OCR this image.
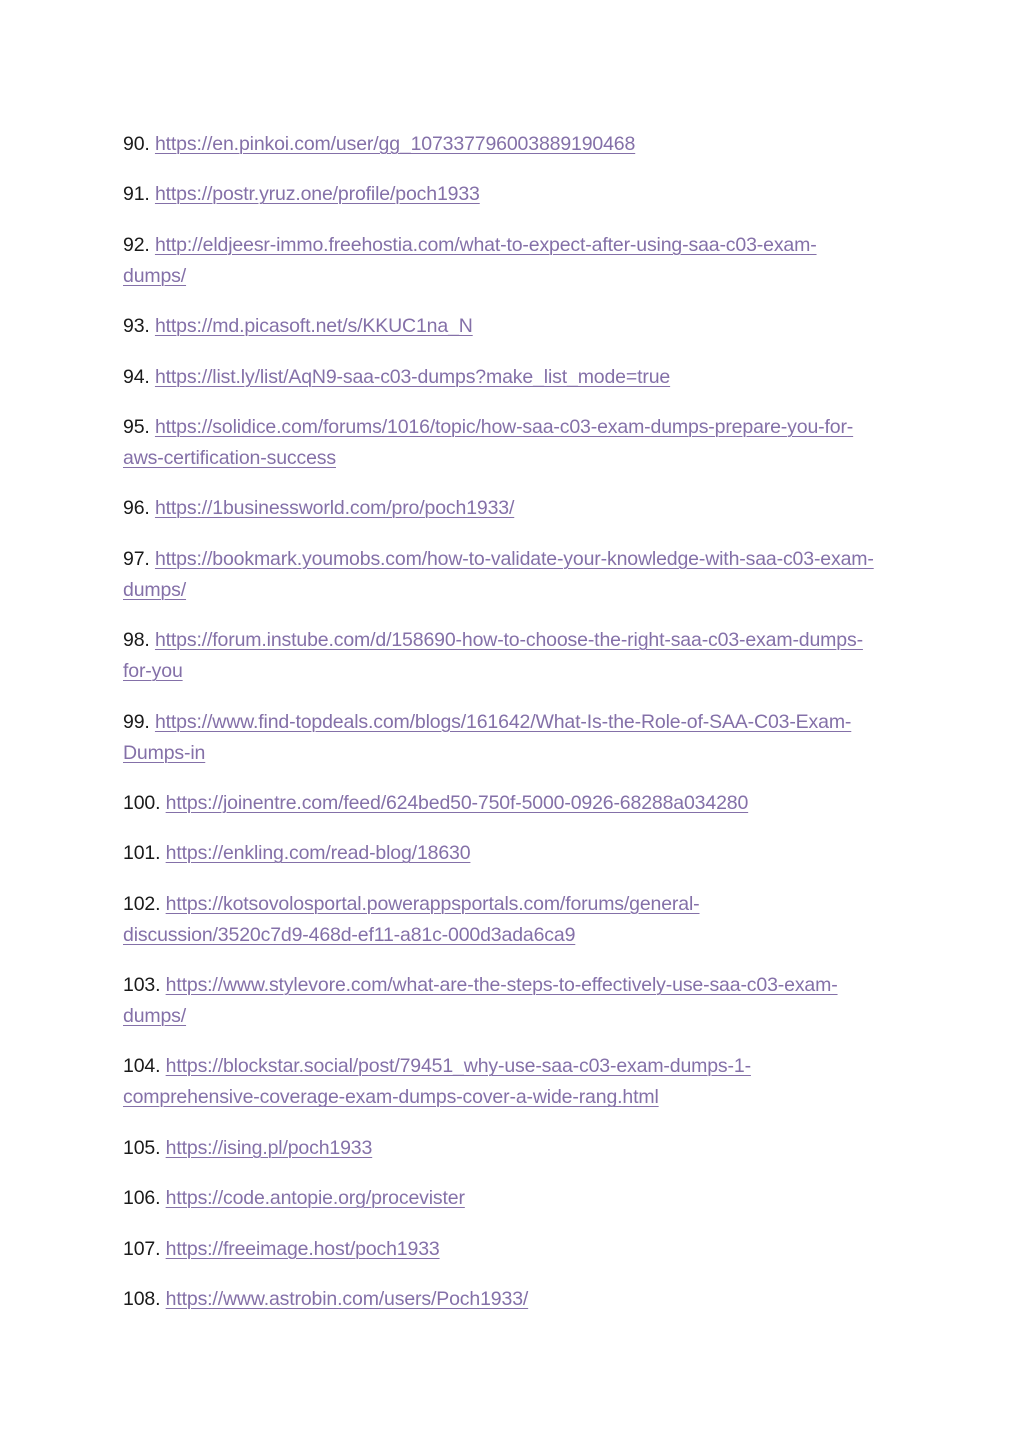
90. https://en.pinkoi.com/user/gg_107337796003889190468
91. https://postr.yruz.one/profile/poch1933
92. http://eldjeesr-immo.freehostia.com/what-to-expect-after-using-saa-c03-exam-
dumps/
93. https://md.picasoft.net/s/KKUC1na_N
94. https://list.ly/list/AqN9-saa-c03-dumps?make_list_mode=true
95. https://solidice.com/forums/1016/topic/how-saa-c03-exam-dumps-prepare-you-for-
aws-certification-success
96. https://1businessworld.com/pro/poch1933/
97. https://bookmark.youmobs.com/how-to-validate-your-knowledge-with-saa-c03-exam-
dumps/
98. https://forum.instube.com/d/158690-how-to-choose-the-right-saa-c03-exam-dumps-
for-you
99. https://www.find-topdeals.com/blogs/161642/What-Is-the-Role-of-SAA-C03-Exam-
Dumps-in
100. https://joinentre.com/feed/624bed50-750f-5000-0926-68288a034280
101. https://enkling.com/read-blog/18630
102. https://kotsovolosportal.powerappsportals.com/forums/general-
discussion/3520c7d9-468d-ef11-a81c-000d3ada6ca9
103. https://www.stylevore.com/what-are-the-steps-to-effectively-use-saa-c03-exam-
dumps/
104. https://blockstar.social/post/79451_why-use-saa-c03-exam-dumps-1-
comprehensive-coverage-exam-dumps-cover-a-wide-rang.html
105. https://ising.pl/poch1933
106. https://code.antopie.org/procevister
107. https://freeimage.host/poch1933
108. https://www.astrobin.com/users/Poch1933/
